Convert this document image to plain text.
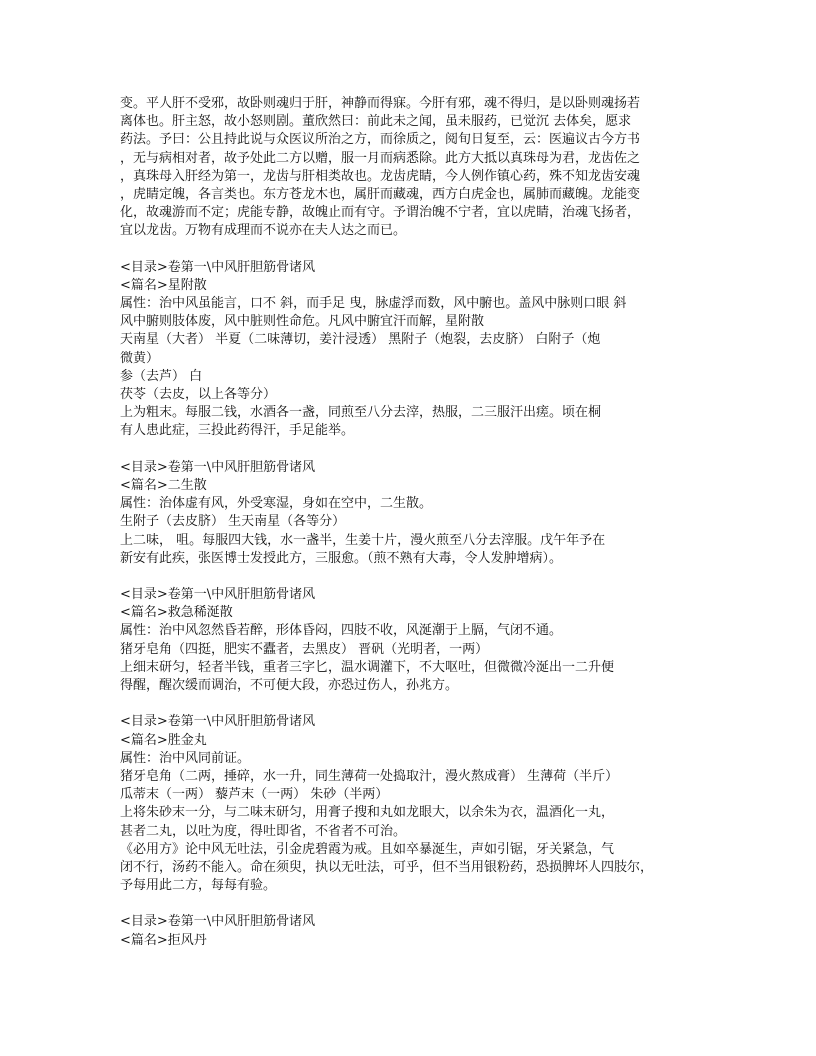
变。平人肝不受邪，故卧则魂归于肝，神静而得寐。今肝有邪，魂不得归，是以卧则魂扬若
离体也。肝主怒，故小怒则剧。董欣然曰：前此未之闻，虽未服药，已觉沉 去体矣，愿求
药法。予曰：公且持此说与众医议所治之方，而徐质之，阅旬日复至，云：医遍议古今方书
，无与病相对者，故予处此二方以赠，服一月而病悉除。此方大抵以真珠母为君，龙齿佐之
，真珠母入肝经为第一，龙齿与肝相类故也。龙齿虎睛，今人例作镇心药，殊不知龙齿安魂
，虎睛定魄，各言类也。东方苍龙木也，属肝而藏魂，西方白虎金也，属肺而藏魄。龙能变
化，故魂游而不定；虎能专静，故魄止而有守。予谓治魄不宁者，宜以虎睛，治魂飞扬者，
宜以龙齿。万物有成理而不说亦在夫人达之而已。
<目录>卷第一\中风肝胆筋骨诸风
<篇名>星附散
属性：治中风虽能言，口不 斜，而手足 曳，脉虚浮而数，风中腑也。盖风中脉则口眼 斜
风中腑则肢体废，风中脏则性命危。凡风中腑宜汗而解，星附散
天南星（大者） 半夏（二味薄切，姜汁浸透） 黑附子（炮裂，去皮脐） 白附子（炮
微黄）
参（去芦） 白
茯苓（去皮，以上各等分）
上为粗末。每服二钱，水酒各一盏，同煎至八分去滓，热服，二三服汗出瘥。顷在桐
有人患此症，三投此药得汗，手足能举。
<目录>卷第一\中风肝胆筋骨诸风
<篇名>二生散
属性：治体虚有风，外受寒湿，身如在空中，二生散。
生附子（去皮脐） 生天南星（各等分）
上二味， 咀。每服四大钱，水一盏半，生姜十片，漫火煎至八分去滓服。戊午年予在
新安有此疾，张医博士发授此方，三服愈。（煎不熟有大毒，令人发肿增病）。
<目录>卷第一\中风肝胆筋骨诸风
<篇名>救急稀涎散
属性：治中风忽然昏若醉，形体昏闷，四肢不收，风涎潮于上膈，气闭不通。
猪牙皂角（四挺，肥实不蠹者，去黑皮） 晋矾（光明者，一两）
上细末研匀，轻者半钱，重者三字匕，温水调灌下，不大呕吐，但微微冷涎出一二升便
得醒，醒次缓而调治，不可便大段，亦恐过伤人，孙兆方。
<目录>卷第一\中风肝胆筋骨诸风
<篇名>胜金丸
属性：治中风同前证。
猪牙皂角（二两，捶碎，水一升，同生薄荷一处捣取汁，漫火熬成膏） 生薄荷（半斤）
瓜蒂末（一两） 藜芦末（一两） 朱砂（半两）
上将朱砂末一分，与二味末研匀，用膏子搜和丸如龙眼大，以余朱为衣，温酒化一丸，
甚者二丸，以吐为度，得吐即省，不省者不可治。
《必用方》论中风无吐法，引金虎碧霞为戒。且如卒暴涎生，声如引锯，牙关紧急，气
闭不行，汤药不能入。命在须臾，执以无吐法，可乎，但不当用银粉药，恐损脾坏人四肢尔，
予每用此二方，每每有验。
<目录>卷第一\中风肝胆筋骨诸风
<篇名>拒风丹
